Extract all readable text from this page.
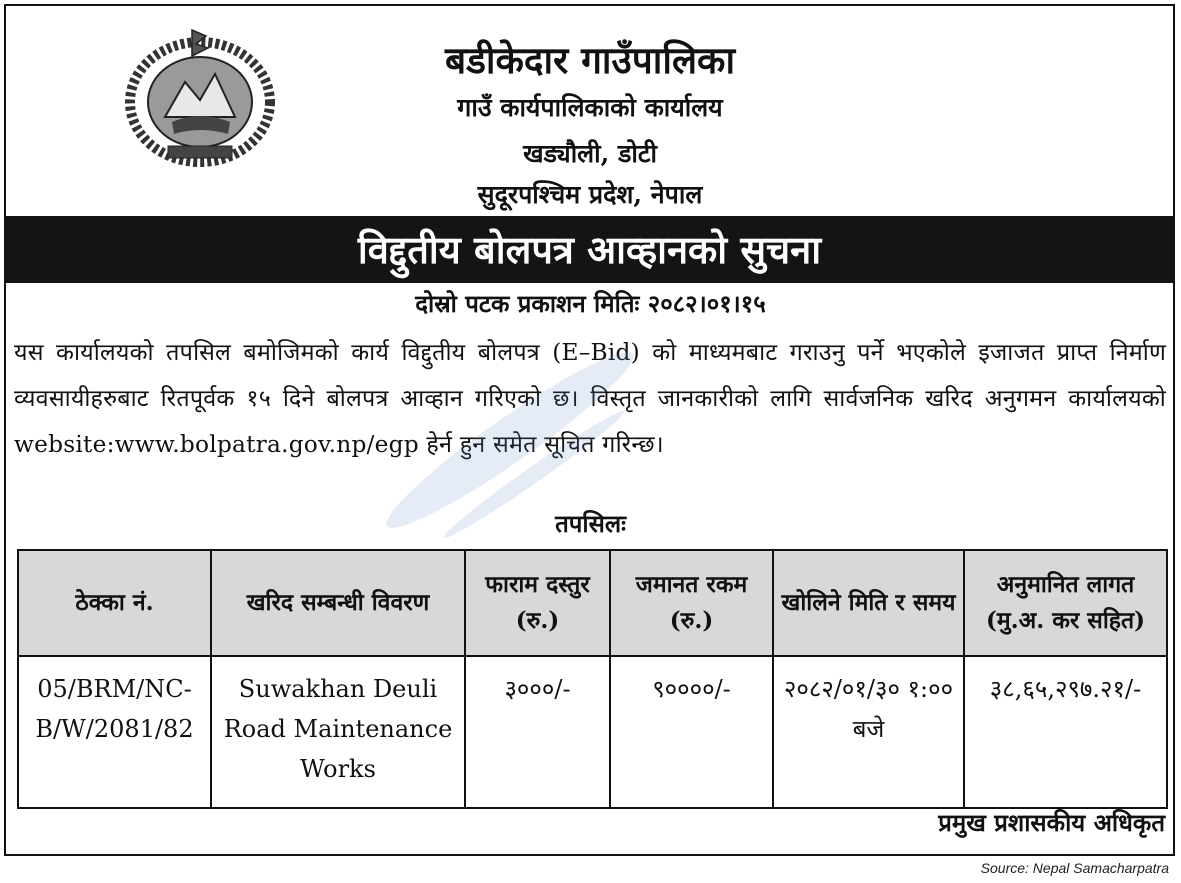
बडीकेदार गाउँपालिका
गाउँ कार्यपालिकाको कार्यालय
खड्यौली, डोटी
सुदूरपश्चिम प्रदेश, नेपाल
विद्दुतीय बोलपत्र आव्हानको सुचना
दोस्रो पटक प्रकाशन मितिः २०८२।०१।१५
यस कार्यालयको तपसिल बमोजिमको कार्य विद्दुतीय बोलपत्र (E–Bid) को माध्यमबाट गराउनु पर्ने भएकोले इजाजत प्राप्त निर्माण व्यवसायीहरुबाट रितपूर्वक १५ दिने बोलपत्र आव्हान गरिएको छ। विस्तृत जानकारीको लागि सार्वजनिक खरिद अनुगमन कार्यालयको website:www.bolpatra.gov.np/egp हेर्न हुन समेत सूचित गरिन्छ।
तपसिलः
ठेक्का नं.	खरिद सम्बन्धी विवरण	फाराम दस्तुर (रु.)	जमानत रकम (रु.)	खोलिने मिति र समय	अनुमानित लागत (मु.अ. कर सहित)
05/BRM/NC-B/W/2081/82	Suwakhan Deuli Road Maintenance Works	३०००/-	९००००/-	२०८२/०१/३० १:०० बजे	३८,६५,२९७.२१/-
प्रमुख प्रशासकीय अधिकृत
Source: Nepal Samacharpatra
